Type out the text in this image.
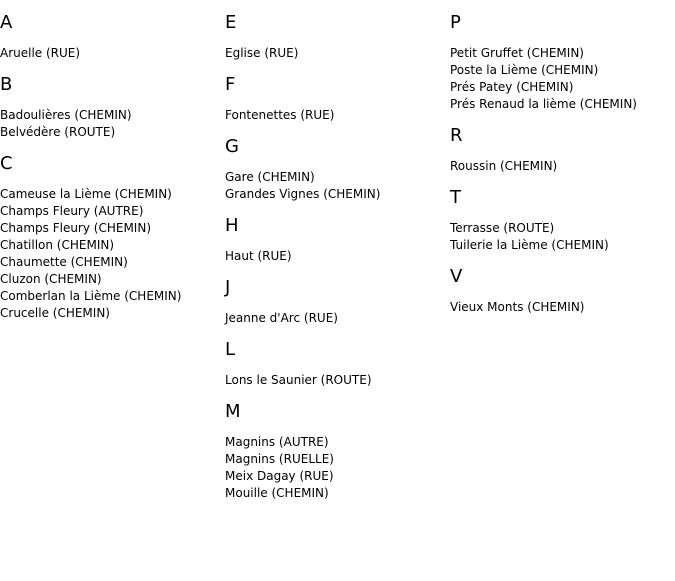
A
Aruelle (RUE)
B
Badoulières (CHEMIN)
Belvédère (ROUTE)
C
Cameuse la Lième (CHEMIN)
Champs Fleury (AUTRE)
Champs Fleury (CHEMIN)
Chatillon (CHEMIN)
Chaumette (CHEMIN)
Cluzon (CHEMIN)
Comberlan la Lième (CHEMIN)
Crucelle (CHEMIN)
E
Eglise (RUE)
F
Fontenettes (RUE)
G
Gare (CHEMIN)
Grandes Vignes (CHEMIN)
H
Haut (RUE)
J
Jeanne d'Arc (RUE)
L
Lons le Saunier (ROUTE)
M
Magnins (AUTRE)
Magnins (RUELLE)
Meix Dagay (RUE)
Mouille (CHEMIN)
P
Petit Gruffet (CHEMIN)
Poste la Lième (CHEMIN)
Prés Patey (CHEMIN)
Prés Renaud la lième (CHEMIN)
R
Roussin (CHEMIN)
T
Terrasse (ROUTE)
Tuilerie la Lième (CHEMIN)
V
Vieux Monts (CHEMIN)
